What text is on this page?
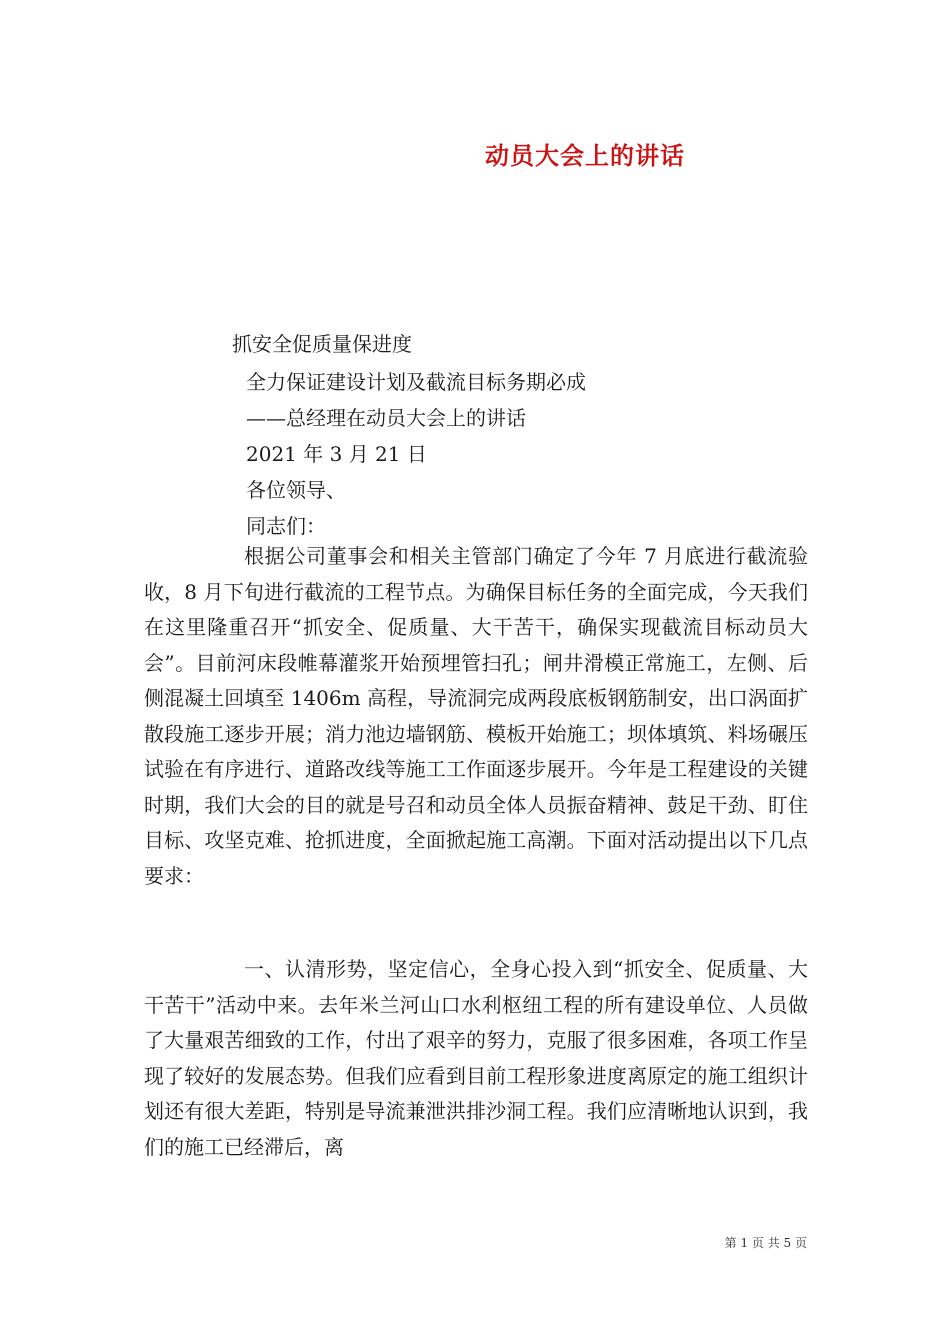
动员大会上的讲话
抓安全促质量保进度
全力保证建设计划及截流目标务期必成
——总经理在动员大会上的讲话
2021 年 3 月 21 日
各位领导、
同志们：
根据公司董事会和相关主管部门确定了今年 7 月底进行截流验收，8 月下旬进行截流的工程节点。为确保目标任务的全面完成，今天我们在这里隆重召开“抓安全、促质量、大干苦干，确保实现截流目标动员大会”。目前河床段帷幕灌浆开始预埋管扫孔；闸井滑模正常施工，左侧、后侧混凝土回填至 1406m 高程，导流洞完成两段底板钢筋制安，出口涡面扩散段施工逐步开展；消力池边墙钢筋、模板开始施工；坝体填筑、料场碾压试验在有序进行、道路改线等施工工作面逐步展开。今年是工程建设的关键时期，我们大会的目的就是号召和动员全体人员振奋精神、鼓足干劲、盯住目标、攻坚克难、抢抓进度，全面掀起施工高潮。下面对活动提出以下几点要求：
一、认清形势，坚定信心，全身心投入到“抓安全、促质量、大干苦干”活动中来。去年米兰河山口水利枢纽工程的所有建设单位、人员做了大量艰苦细致的工作，付出了艰辛的努力，克服了很多困难，各项工作呈现了较好的发展态势。但我们应看到目前工程形象进度离原定的施工组织计划还有很大差距，特别是导流兼泄洪排沙洞工程。我们应清晰地认识到，我们的施工已经滞后，离
第 1 页 共 5 页
